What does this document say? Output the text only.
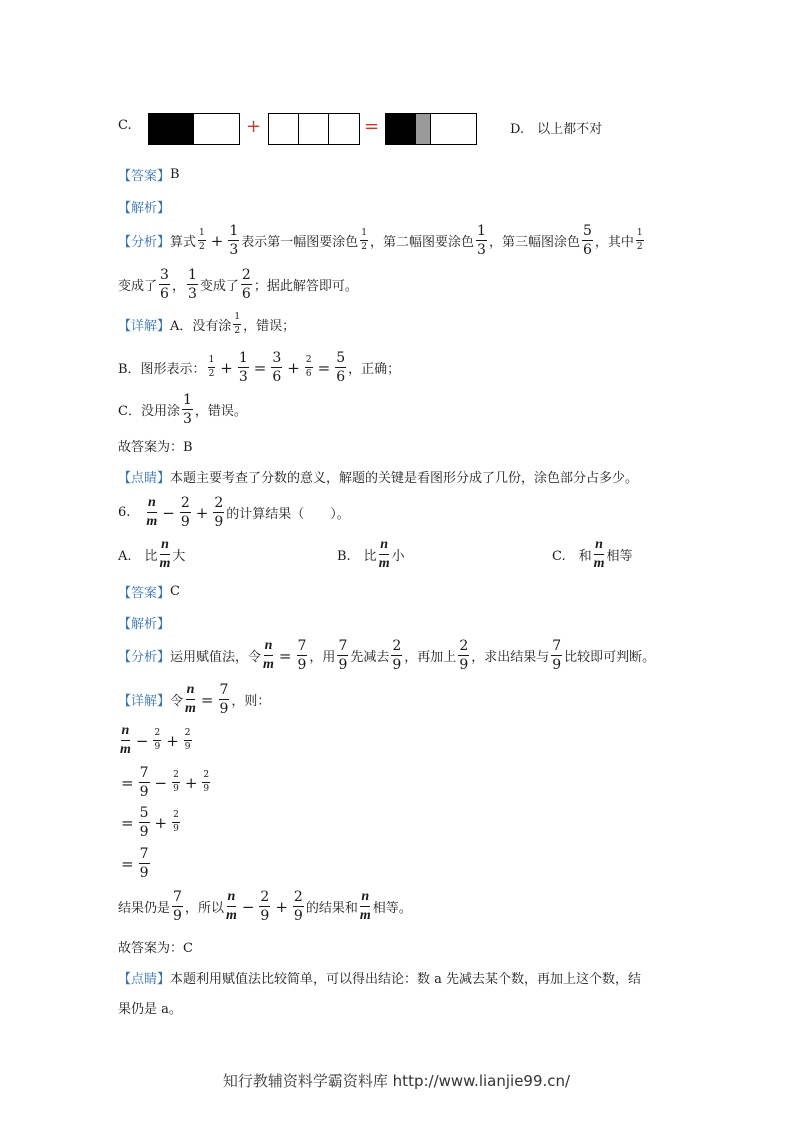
C.	+	=	D.　以上都不对
【答案】 B
【解析】
【分析】 算式 $\frac{1}{2} + \frac{1}{3}$ 表示第一幅图要涂色 $\frac{1}{2}$ ，第二幅图要涂色 $\frac{1}{3}$ ，第三幅图涂色 $\frac{5}{6}$ ，其中 $\frac{1}{2}$
变成了 $\frac{3}{6}$ ， $\frac{1}{3}$ 变成了 $\frac{2}{6}$ ；据此解答即可。
【详解】 A．没有涂 $\frac{1}{2}$ ，错误；
B．图形表示： $\frac{1}{2} + \frac{1}{3} = \frac{3}{6} + \frac{2}{6} = \frac{5}{6}$ ，正确；
C．没用涂 $\frac{1}{3}$ ，错误。
故答案为：B
【点睛】 本题主要考查了分数的意义，解题的关键是看图形分成了几份，涂色部分占多少。
6. $\frac{n}{m} - \frac{2}{9} + \frac{2}{9}$ 的计算结果（　　）。
A.　比 $\frac{n}{m}$ 大	B.　比 $\frac{n}{m}$ 小	C.　和 $\frac{n}{m}$ 相等
【答案】 C
【解析】
【分析】 运用赋值法，令 $\frac{n}{m} = \frac{7}{9}$ ，用 $\frac{7}{9}$ 先减去 $\frac{2}{9}$ ，再加上 $\frac{2}{9}$ ，求出结果与 $\frac{7}{9}$ 比较即可判断。
【详解】 令 $\frac{n}{m} = \frac{7}{9}$ ，则：
$\frac{n}{m} - \frac{2}{9} + \frac{2}{9}$
= $\frac{7}{9} - \frac{2}{9} + \frac{2}{9}$
= $\frac{5}{9} + \frac{2}{9}$
= $\frac{7}{9}$
结果仍是 $\frac{7}{9}$ ，所以 $\frac{n}{m} - \frac{2}{9} + \frac{2}{9}$ 的结果和 $\frac{n}{m}$ 相等。
故答案为：C
【点睛】 本题利用赋值法比较简单，可以得出结论：数 a 先减去某个数，再加上这个数，结
果仍是 a。
知行教辅资料学霸资料库 http://www.lianjie99.cn/
